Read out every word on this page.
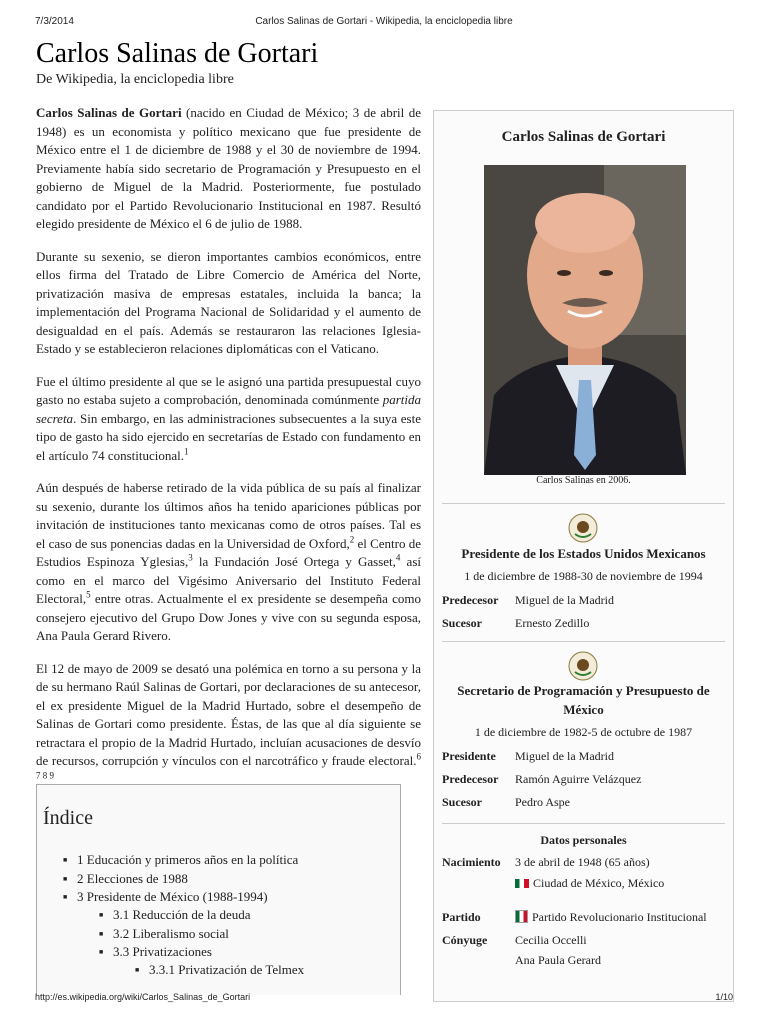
7/3/2014	Carlos Salinas de Gortari - Wikipedia, la enciclopedia libre
Carlos Salinas de Gortari
De Wikipedia, la enciclopedia libre

Carlos Salinas de Gortari (nacido en Ciudad de México; 3 de abril de 1948) es un economista y político mexicano que fue presidente de México entre el 1 de diciembre de 1988 y el 30 de noviembre de 1994. Previamente había sido secretario de Programación y Presupuesto en el gobierno de Miguel de la Madrid. Posteriormente, fue postulado candidato por el Partido Revolucionario Institucional en 1987. Resultó elegido presidente de México el 6 de julio de 1988.

Durante su sexenio, se dieron importantes cambios económicos, entre ellos firma del Tratado de Libre Comercio de América del Norte, privatización masiva de empresas estatales, incluida la banca; la implementación del Programa Nacional de Solidaridad y el aumento de desigualdad en el país. Además se restauraron las relaciones Iglesia-Estado y se establecieron relaciones diplomáticas con el Vaticano.

Fue el último presidente al que se le asignó una partida presupuestal cuyo gasto no estaba sujeto a comprobación, denominada comúnmente partida secreta. Sin embargo, en las administraciones subsecuentes a la suya este tipo de gasto ha sido ejercido en secretarías de Estado con fundamento en el artículo 74 constitucional.$^1$

Aún después de haberse retirado de la vida pública de su país al finalizar su sexenio, durante los últimos años ha tenido apariciones públicas por invitación de instituciones tanto mexicanas como de otros países. Tal es el caso de sus ponencias dadas en la Universidad de Oxford,$^2$ el Centro de Estudios Espinoza Yglesias,$^3$ la Fundación José Ortega y Gasset,$^4$ así como en el marco del Vigésimo Aniversario del Instituto Federal Electoral,$^5$ entre otras. Actualmente el ex presidente se desempeña como consejero ejecutivo del Grupo Dow Jones y vive con su segunda esposa, Ana Paula Gerard Rivero.

El 12 de mayo de 2009 se desató una polémica en torno a su persona y la de su hermano Raúl Salinas de Gortari, por declaraciones de su antecesor, el ex presidente Miguel de la Madrid Hurtado, sobre el desempeño de Salinas de Gortari como presidente. Éstas, de las que al día siguiente se retractara el propio de la Madrid Hurtado, incluían acusaciones de desvío de recursos, corrupción y vínculos con el narcotráfico y fraude electoral.$^{6 7 8 9}$

Índice
■ 1 Educación y primeros años en la política
■ 2 Elecciones de 1988
■ 3 Presidente de México (1988-1994)
■ 3.1 Reducción de la deuda
■ 3.2 Liberalismo social
■ 3.3 Privatizaciones
■ 3.3.1 Privatización de Telmex
Carlos Salinas de Gortari
Carlos Salinas en 2006.
Presidente de los Estados Unidos Mexicanos
1 de diciembre de 1988-30 de noviembre de 1994
Predecesor Miguel de la Madrid
Sucesor	Ernesto Zedillo
Secretario de Programación y Presupuesto de México
1 de diciembre de 1982-5 de octubre de 1987
Presidente Miguel de la Madrid
Predecesor Ramón Aguirre Velázquez
Sucesor	Pedro Aspe
Datos personales
Nacimiento 3 de abril de 1948 (65 años)
Ciudad de México, México
Partido	Partido Revolucionario Institucional
Cónyuge Cecilia Occelli
Ana Paula Gerard
http://es.wikipedia.org/wiki/Carlos_Salinas_de_Gortari	1/10
